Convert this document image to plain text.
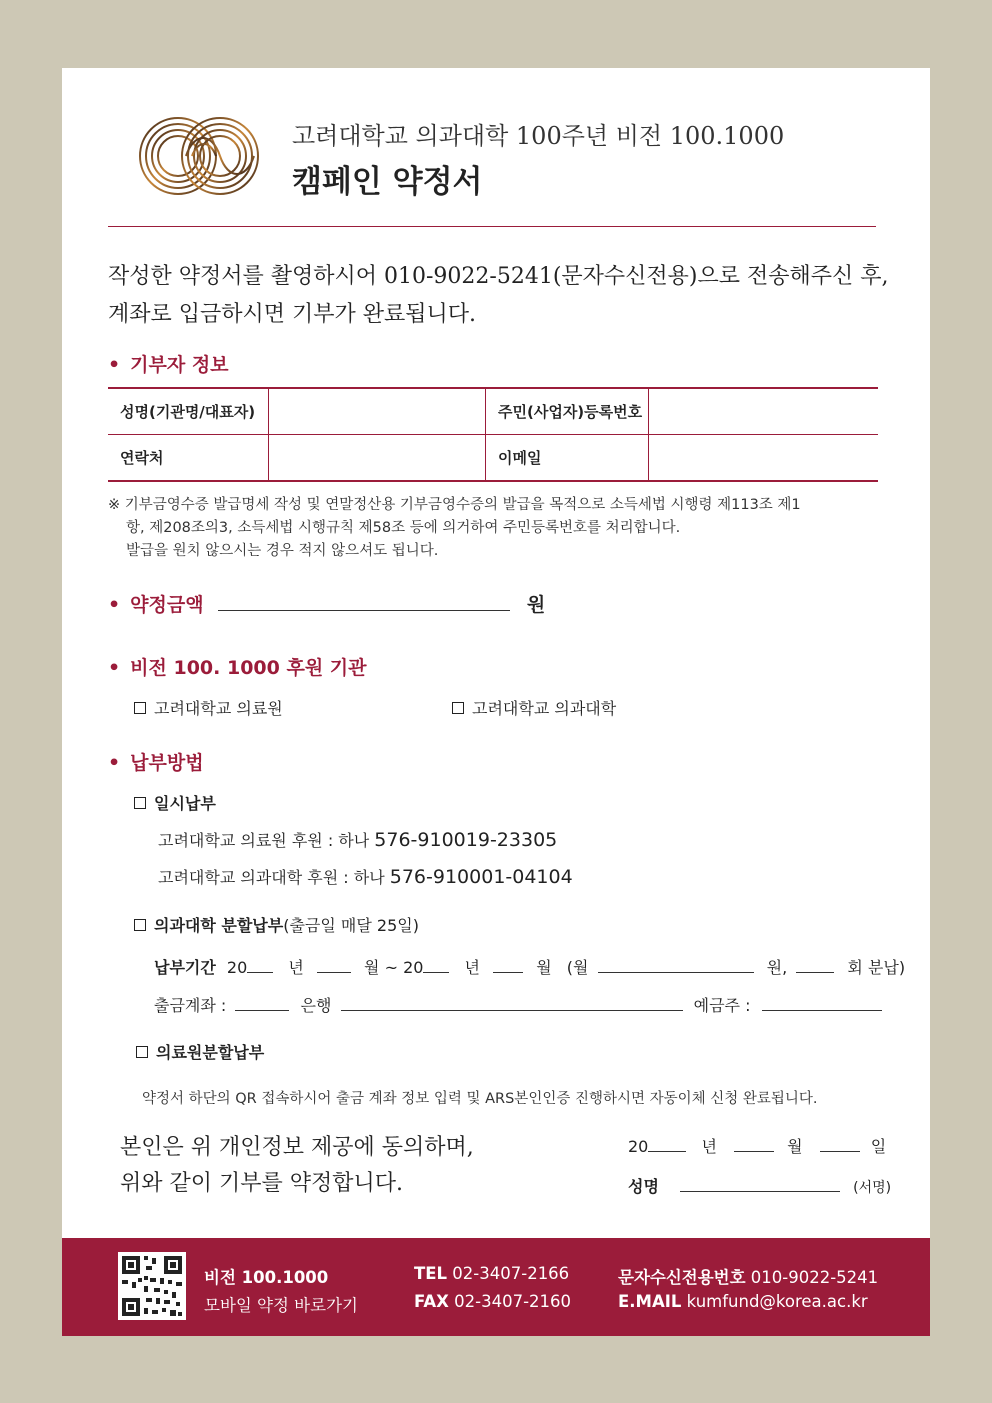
고려대학교 의과대학 100주년 비전 100.1000
캠페인 약정서
작성한 약정서를 촬영하시어 010-9022-5241(문자수신전용)으로 전송해주신 후,
계좌로 입금하시면 기부가 완료됩니다.
• 기부자 정보
성명(기관명/대표자)		주민(사업자)등록번호	
연락처		이메일	
※ 기부금영수증 발급명세 작성 및 연말정산용 기부금영수증의 발급을 목적으로 소득세법 시행령 제113조 제1
항, 제208조의3, 소득세법 시행규칙 제58조 등에 의거하여 주민등록번호를 처리합니다.
발급을 원치 않으시는 경우 적지 않으셔도 됩니다.
• 약정금액	원
• 비전 100. 1000 후원 기관
고려대학교 의료원	고려대학교 의과대학
• 납부방법
일시납부
고려대학교 의료원 후원 : 하나 576-910019-23305
고려대학교 의과대학 후원 : 하나 576-910001-04104
의과대학 분할납부(출금일 매달 25일)
납부기간 20	년	월 ~ 20	년	월 (월	원,	회 분납)
출금계좌 :	은행	예금주 :
의료원분할납부
약정서 하단의 QR 접속하시어 출금 계좌 정보 입력 및 ARS본인인증 진행하시면 자동이체 신청 완료됩니다.
본인은 위 개인정보 제공에 동의하며,
위와 같이 기부를 약정합니다.
20	년	월	일
성명	(서명)
비전 100.1000
모바일 약정 바로가기
TEL 02-3407-2166
FAX 02-3407-2160
문자수신전용번호 010-9022-5241
E.MAIL kumfund@korea.ac.kr
